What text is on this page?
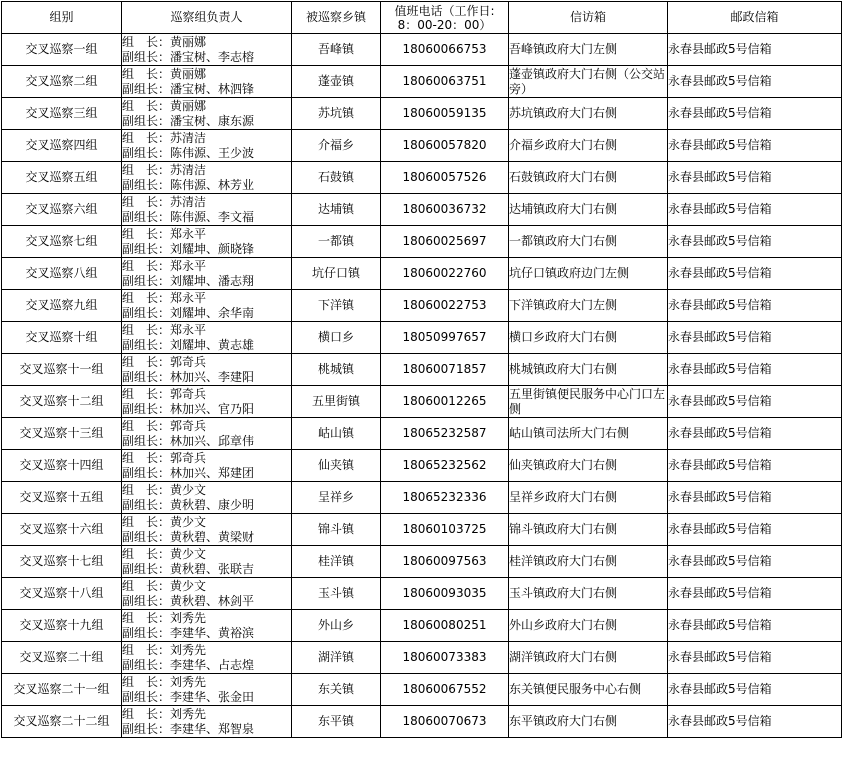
组别	巡察组负责人	被巡察乡镇	值班电话（工作日:
8：00-20：00）	信访箱	邮政信箱
交叉巡察一组	组　长：黄丽娜
副组长：潘宝树、李志榕	吾峰镇	18060066753	吾峰镇政府大门左侧	永春县邮政5号信箱
交叉巡察二组	组　长：黄丽娜
副组长：潘宝树、林泗锋	蓬壶镇	18060063751	蓬壶镇政府大门右侧（公交站旁）	永春县邮政5号信箱
交叉巡察三组	组　长：黄丽娜
副组长：潘宝树、康东源	苏坑镇	18060059135	苏坑镇政府大门右侧	永春县邮政5号信箱
交叉巡察四组	组　长：苏清洁
副组长：陈伟源、王少波	介福乡	18060057820	介福乡政府大门右侧	永春县邮政5号信箱
交叉巡察五组	组　长：苏清洁
副组长：陈伟源、林芳业	石鼓镇	18060057526	石鼓镇政府大门右侧	永春县邮政5号信箱
交叉巡察六组	组　长：苏清洁
副组长：陈伟源、李文福	达埔镇	18060036732	达埔镇政府大门右侧	永春县邮政5号信箱
交叉巡察七组	组　长：郑永平
副组长：刘耀坤、颜晓锋	一都镇	18060025697	一都镇政府大门右侧	永春县邮政5号信箱
交叉巡察八组	组　长：郑永平
副组长：刘耀坤、潘志翔	坑仔口镇	18060022760	坑仔口镇政府边门左侧	永春县邮政5号信箱
交叉巡察九组	组　长：郑永平
副组长：刘耀坤、余华南	下洋镇	18060022753	下洋镇政府大门左侧	永春县邮政5号信箱
交叉巡察十组	组　长：郑永平
副组长：刘耀坤、黄志雄	横口乡	18050997657	横口乡政府大门右侧	永春县邮政5号信箱
交叉巡察十一组	组　长：郭奇兵
副组长：林加兴、李建阳	桃城镇	18060071857	桃城镇政府大门右侧	永春县邮政5号信箱
交叉巡察十二组	组　长：郭奇兵
副组长：林加兴、官乃阳	五里街镇	18060012265	五里街镇便民服务中心门口左侧	永春县邮政5号信箱
交叉巡察十三组	组　长：郭奇兵
副组长：林加兴、邱章伟	岵山镇	18065232587	岵山镇司法所大门右侧	永春县邮政5号信箱
交叉巡察十四组	组　长：郭奇兵
副组长：林加兴、郑建团	仙夹镇	18065232562	仙夹镇政府大门右侧	永春县邮政5号信箱
交叉巡察十五组	组　长：黄少文
副组长：黄秋碧、康少明	呈祥乡	18065232336	呈祥乡政府大门右侧	永春县邮政5号信箱
交叉巡察十六组	组　长：黄少文
副组长：黄秋碧、黄梁财	锦斗镇	18060103725	锦斗镇政府大门右侧	永春县邮政5号信箱
交叉巡察十七组	组　长：黄少文
副组长：黄秋碧、张联吉	桂洋镇	18060097563	桂洋镇政府大门右侧	永春县邮政5号信箱
交叉巡察十八组	组　长：黄少文
副组长：黄秋碧、林剑平	玉斗镇	18060093035	玉斗镇政府大门右侧	永春县邮政5号信箱
交叉巡察十九组	组　长：刘秀先
副组长：李建华、黄裕滨	外山乡	18060080251	外山乡政府大门右侧	永春县邮政5号信箱
交叉巡察二十组	组　长：刘秀先
副组长：李建华、占志煌	湖洋镇	18060073383	湖洋镇政府大门右侧	永春县邮政5号信箱
交叉巡察二十一组	组　长：刘秀先
副组长：李建华、张金田	东关镇	18060067552	东关镇便民服务中心右侧	永春县邮政5号信箱
交叉巡察二十二组	组　长：刘秀先
副组长：李建华、郑智泉	东平镇	18060070673	东平镇政府大门右侧	永春县邮政5号信箱
